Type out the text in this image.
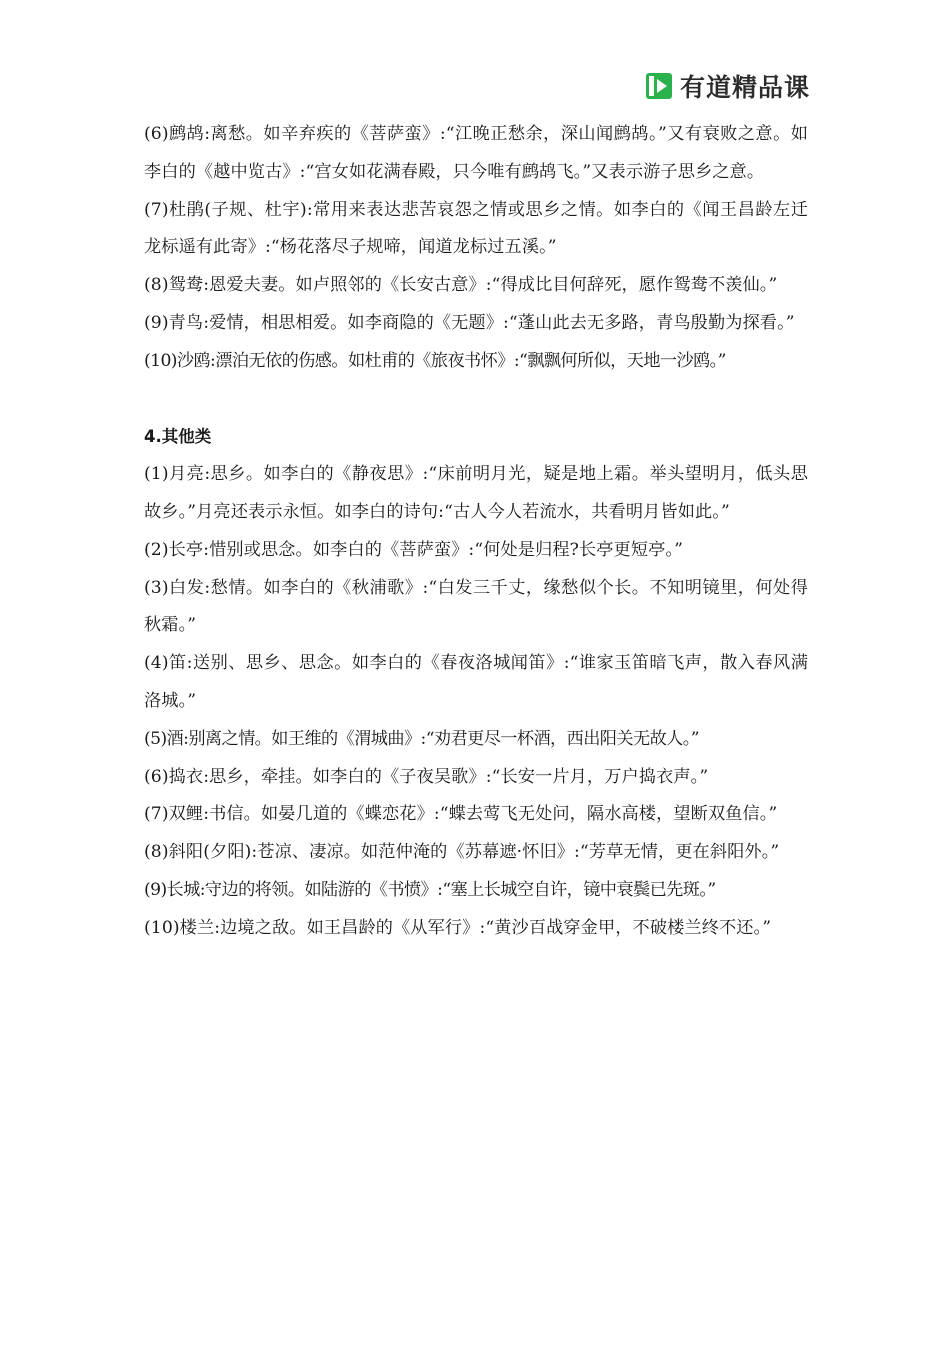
有道精品课

(6)鹧鸪:离愁。如辛弃疾的《菩萨蛮》:“江晚正愁余，深山闻鹧鸪。”又有衰败之意。如李白的《越中览古》:“宫女如花满春殿，只今唯有鹧鸪飞。”又表示游子思乡之意。

(7)杜鹃(子规、杜宇):常用来表达悲苦哀怨之情或思乡之情。如李白的《闻王昌龄左迁龙标遥有此寄》:“杨花落尽子规啼，闻道龙标过五溪。”

(8)鸳鸯:恩爱夫妻。如卢照邻的《长安古意》:“得成比目何辞死，愿作鸳鸯不羡仙。”

(9)青鸟:爱情，相思相爱。如李商隐的《无题》:“蓬山此去无多路，青鸟殷勤为探看。”

(10)沙鸥:漂泊无依的伤感。如杜甫的《旅夜书怀》:“飘飘何所似，天地一沙鸥。”

4.其他类

(1)月亮:思乡。如李白的《静夜思》:“床前明月光，疑是地上霜。举头望明月，低头思故乡。”月亮还表示永恒。如李白的诗句:“古人今人若流水，共看明月皆如此。”

(2)长亭:惜别或思念。如李白的《菩萨蛮》:“何处是归程?长亭更短亭。”

(3)白发:愁情。如李白的《秋浦歌》:“白发三千丈，缘愁似个长。不知明镜里，何处得秋霜。”

(4)笛:送别、思乡、思念。如李白的《春夜洛城闻笛》:“谁家玉笛暗飞声，散入春风满洛城。”

(5)酒:别离之情。如王维的《渭城曲》:“劝君更尽一杯酒，西出阳关无故人。”

(6)捣衣:思乡，牵挂。如李白的《子夜吴歌》:“长安一片月，万户捣衣声。”

(7)双鲤:书信。如晏几道的《蝶恋花》:“蝶去莺飞无处问，隔水高楼，望断双鱼信。”

(8)斜阳(夕阳):苍凉、凄凉。如范仲淹的《苏幕遮·怀旧》:“芳草无情，更在斜阳外。”

(9)长城:守边的将领。如陆游的《书愤》:“塞上长城空自许，镜中衰鬓已先斑。”

(10)楼兰:边境之敌。如王昌龄的《从军行》:“黄沙百战穿金甲，不破楼兰终不还。”
